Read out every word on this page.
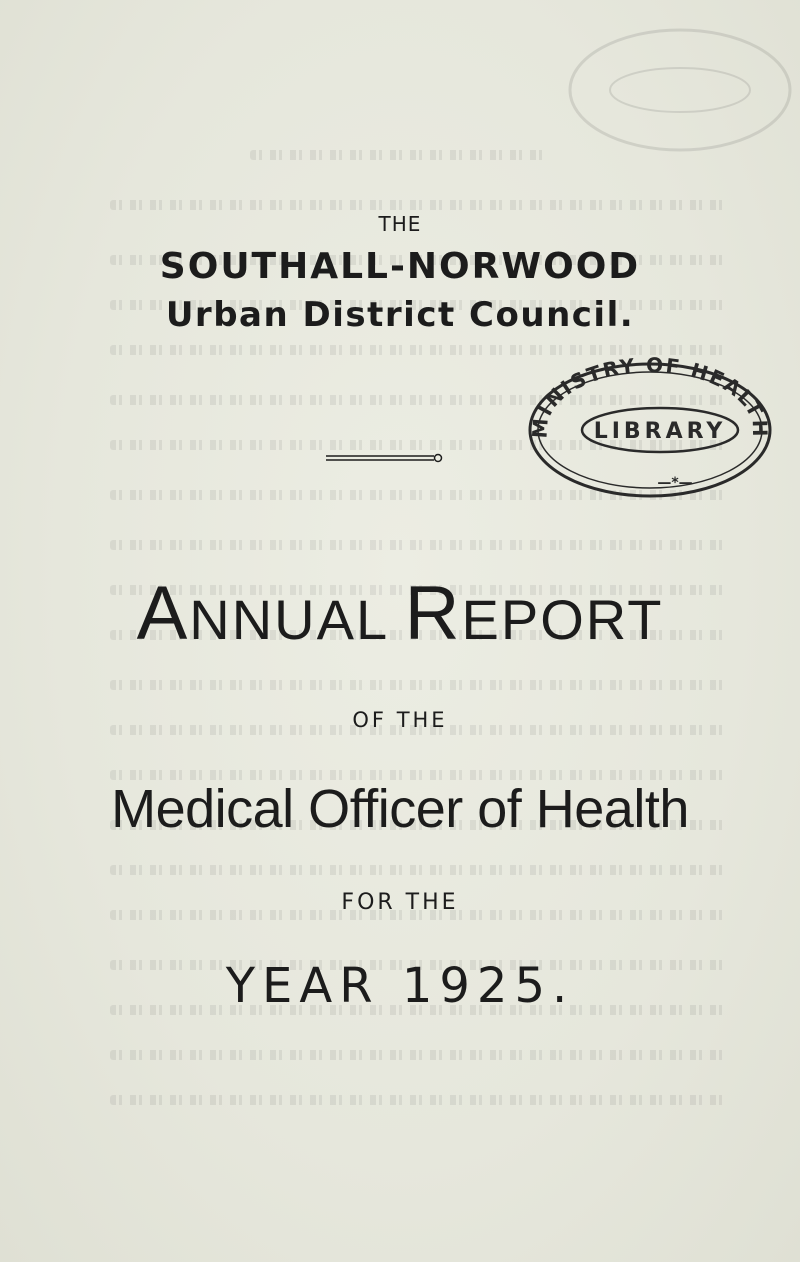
THE
SOUTHALL-NORWOOD
Urban District Council.
ANNUAL REPORT
OF THE
Medical Officer of Health
FOR THE
YEAR 1925.
MINISTRY OF HEALTH
LIBRARY
—*—
